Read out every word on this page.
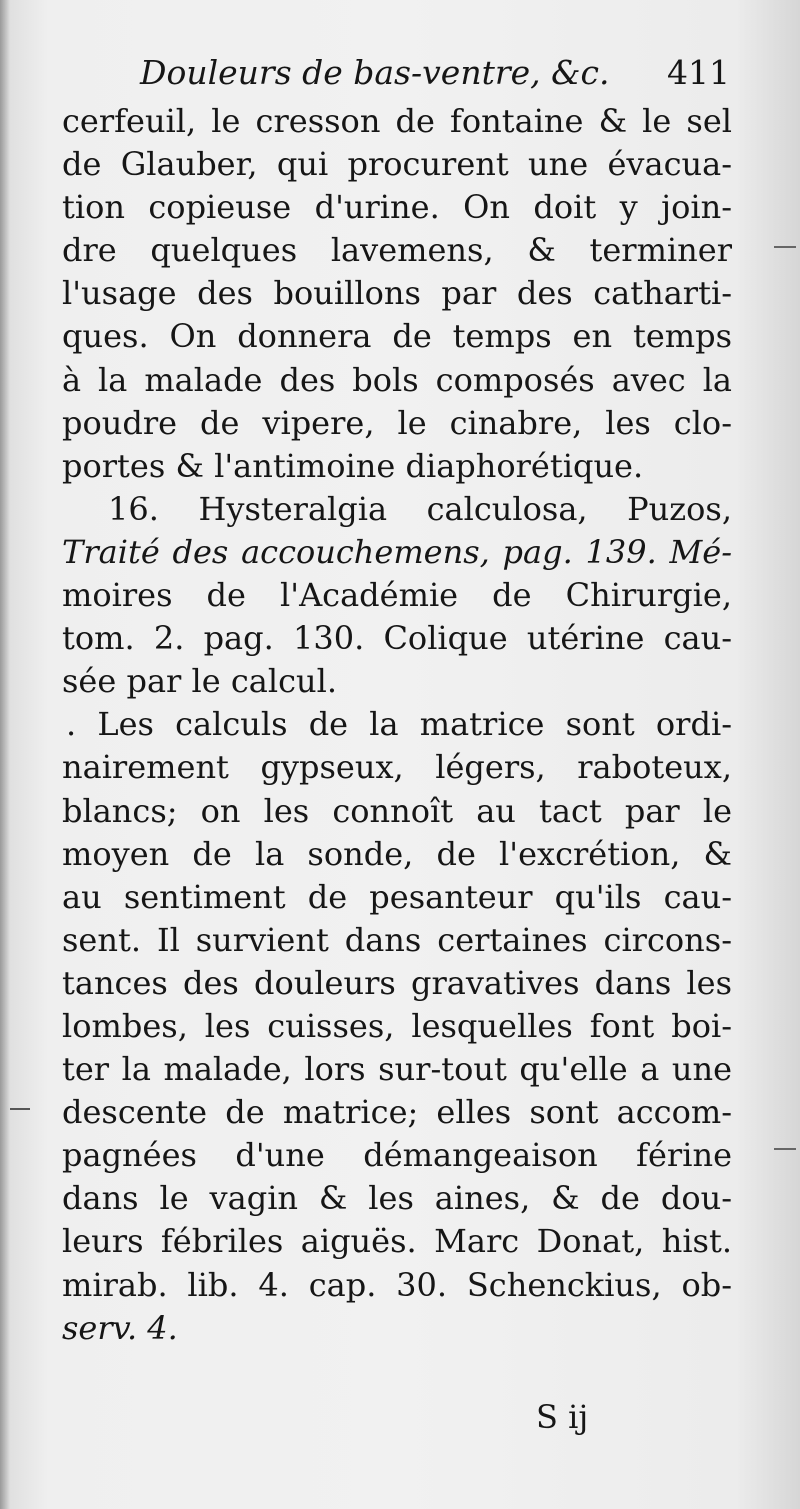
Douleurs de bas-ventre, &c. 411
cerfeuil, le cresson de fontaine & le sel
de Glauber, qui procurent une évacua-
tion copieuse d'urine. On doit y join-
dre quelques lavemens, & terminer
l'usage des bouillons par des catharti-
ques. On donnera de temps en temps
à la malade des bols composés avec la
poudre de vipere, le cinabre, les clo-
portes & l'antimoine diaphorétique.
16. Hysteralgia calculosa, Puzos,
Traité des accouchemens, pag. 139. Mé-
moires de l'Académie de Chirurgie,
tom. 2. pag. 130. Colique utérine cau-
sée par le calcul.
. Les calculs de la matrice sont ordi-
nairement gypseux, légers, raboteux,
blancs; on les connoît au tact par le
moyen de la sonde, de l'excrétion, &
au sentiment de pesanteur qu'ils cau-
sent. Il survient dans certaines circons-
tances des douleurs gravatives dans les
lombes, les cuisses, lesquelles font boi-
ter la malade, lors sur-tout qu'elle a une
descente de matrice; elles sont accom-
pagnées d'une démangeaison férine
dans le vagin & les aines, & de dou-
leurs fébriles aiguës. Marc Donat, hist.
mirab. lib. 4. cap. 30. Schenckius, ob-
serv. 4.
S ij
